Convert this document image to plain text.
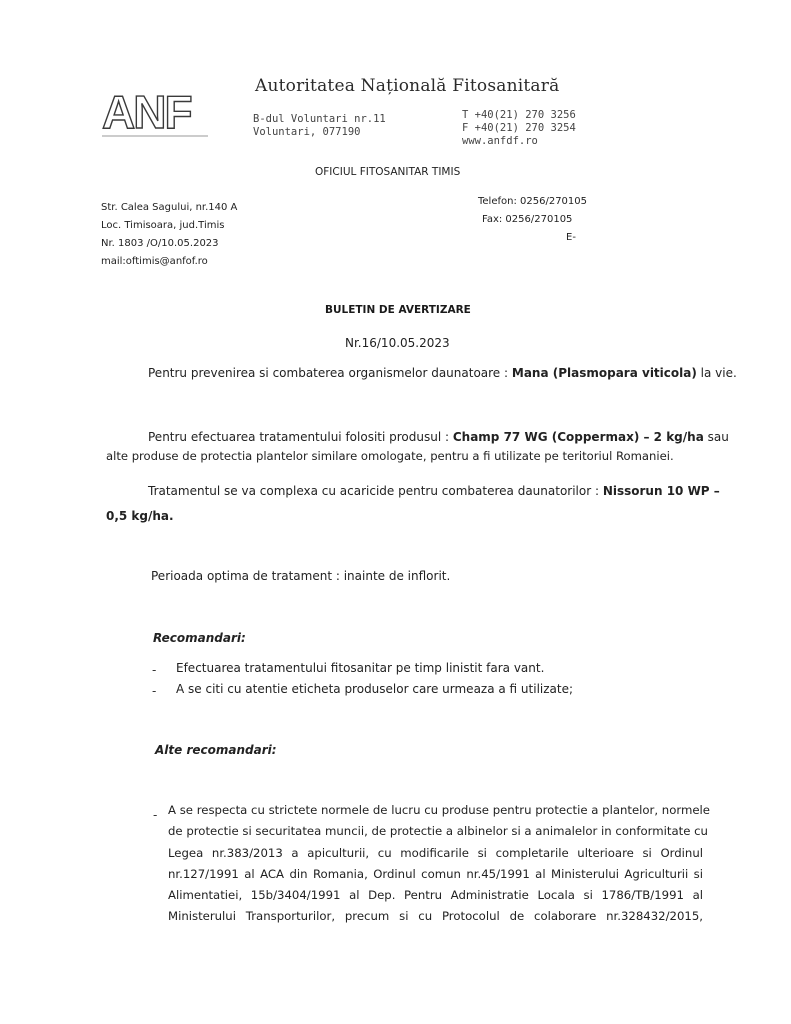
ANF	Autoritatea Națională Fitosanitară
B-dul Voluntari nr.11
Voluntari, 077190
T +40(21) 270 3256
F +40(21) 270 3254
www.anfdf.ro
OFICIUL FITOSANITAR TIMIS
Str. Calea Sagului, nr.140 A
Loc. Timisoara, jud.Timis
Nr. 1803 /O/10.05.2023
mail:oftimis@anfof.ro
Telefon: 0256/270105
Fax: 0256/270105
E-
BULETIN DE AVERTIZARE
Nr.16/10.05.2023
Pentru prevenirea si combaterea organismelor daunatoare : Mana (Plasmopara viticola) la vie.
Pentru efectuarea tratamentului folositi produsul : Champ 77 WG (Coppermax) – 2 kg/ha sau
alte produse de protectia plantelor similare omologate, pentru a fi utilizate pe teritoriul Romaniei.
Tratamentul se va complexa cu acaricide pentru combaterea daunatorilor : Nissorun 10 WP –
0,5 kg/ha.
Perioada optima de tratament : inainte de inflorit.
Recomandari:
- Efectuarea tratamentului fitosanitar pe timp linistit fara vant.
- A se citi cu atentie eticheta produselor care urmeaza a fi utilizate;
Alte recomandari:
- A se respecta cu strictete normele de lucru cu produse pentru protectie a plantelor, normele
de protectie si securitatea muncii, de protectie a albinelor si a animalelor in conformitate cu
Legea nr.383/2013 a apiculturii, cu modificarile si completarile ulterioare si Ordinul
nr.127/1991 al ACA din Romania, Ordinul comun nr.45/1991 al Ministerului Agriculturii si
Alimentatiei, 15b/3404/1991 al Dep. Pentru Administratie Locala si 1786/TB/1991 al
Ministerului Transporturilor, precum si cu Protocolul de colaborare nr.328432/2015,
